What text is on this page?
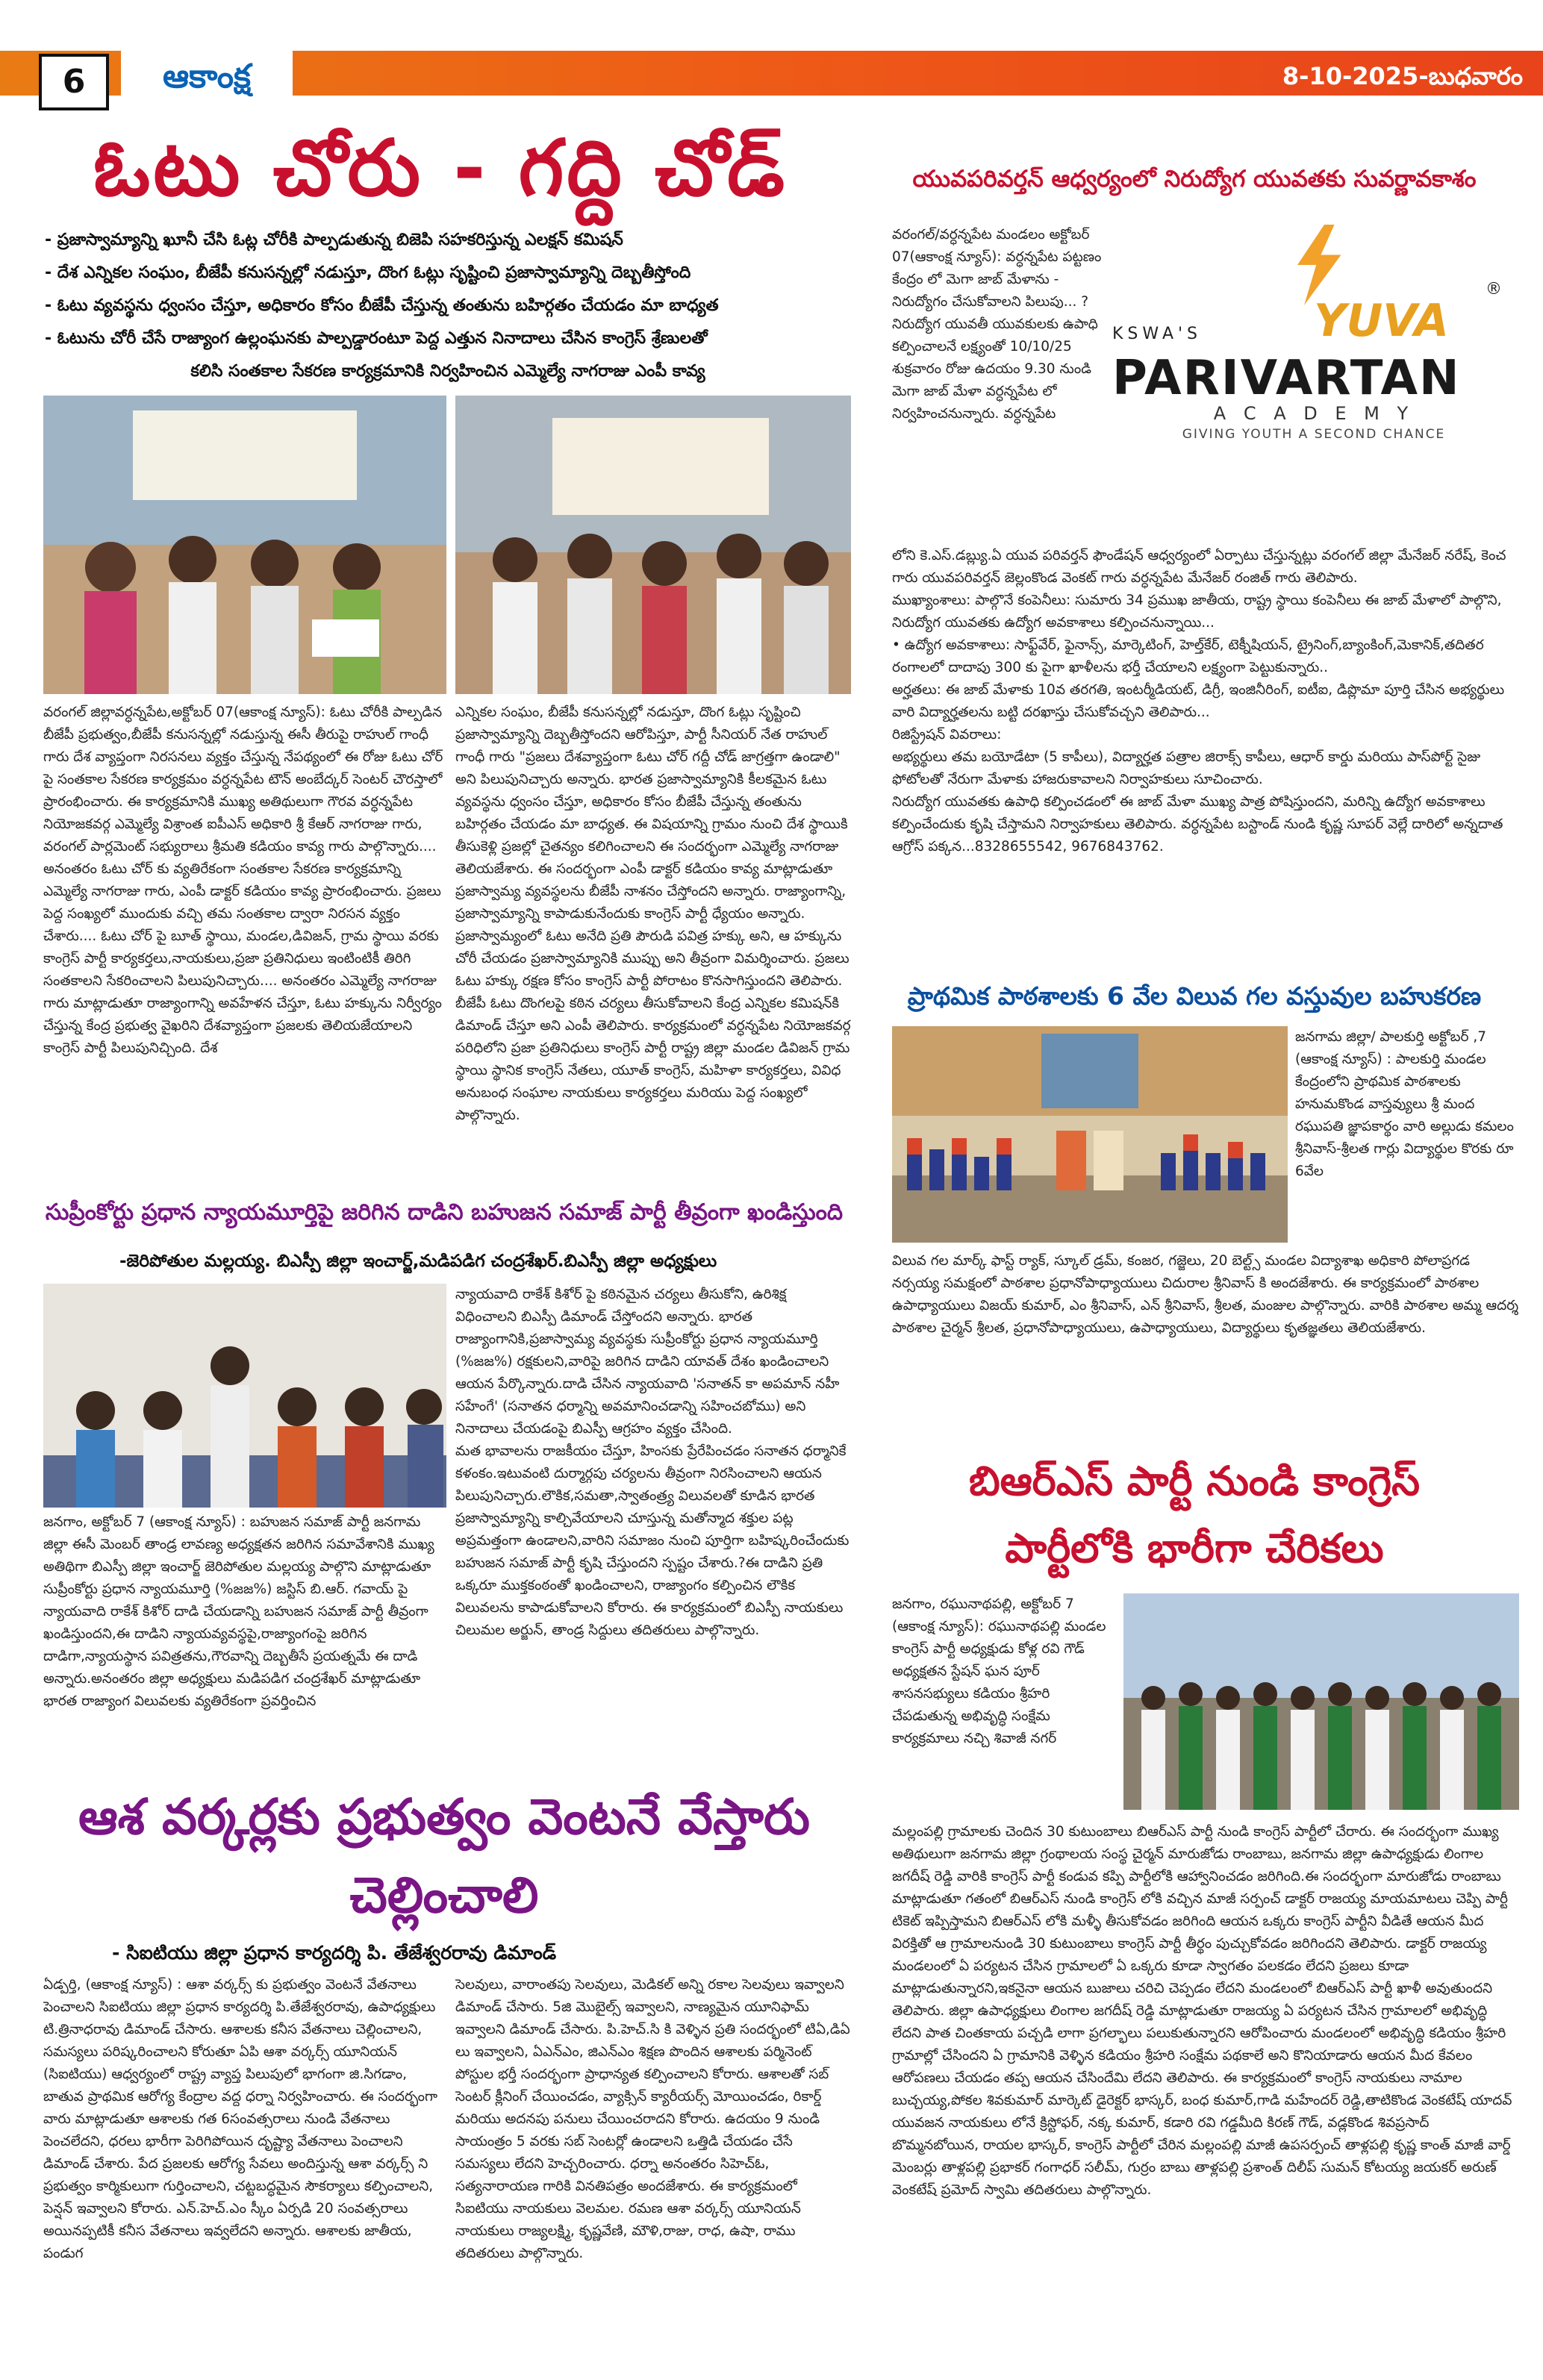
6	ఆకాంక్ష	8-10-2025-బుధవారం
ఓటు చోరు - గద్ది చోడ్
- ప్రజాస్వామ్యాన్ని ఖూనీ చేసి ఓట్ల చోరీకి పాల్పడుతున్న బిజెపి సహకరిస్తున్న ఎలక్షన్ కమిషన్
- దేశ ఎన్నికల సంఘం, బీజేపీ కనుసన్నల్లో నడుస్తూ, దొంగ ఓట్లు సృష్టించి ప్రజాస్వామ్యాన్ని దెబ్బతీస్తోంది
- ఓటు వ్యవస్థను ధ్వంసం చేస్తూ, అధికారం కోసం బీజేపీ చేస్తున్న తంతును బహిర్గతం చేయడం మా బాధ్యత
- ఓటును చోరీ చేసే రాజ్యాంగ ఉల్లంఘనకు పాల్పడ్డారంటూ పెద్ద ఎత్తున నినాదాలు చేసిన కాంగ్రెస్ శ్రేణులతో
కలిసి సంతకాల సేకరణ కార్యక్రమానికి నిర్వహించిన ఎమ్మెల్యే నాగరాజు ఎంపీ కావ్య
వరంగల్ జిల్లావర్ధన్నపేట,అక్టోబర్ 07(ఆకాంక్ష న్యూస్): ఓటు చోరీకి పాల్పడిన బీజేపీ ప్రభుత్వం,బీజేపీ కనుసన్నల్లో నడుస్తున్న ఈసీ తీరుపై రాహుల్ గాంధీ గారు దేశ వ్యాప్తంగా నిరసనలు వ్యక్తం చేస్తున్న నేపథ్యంలో ఈ రోజు ఓటు చోర్ పై సంతకాల సేకరణ కార్యక్రమం వర్ధన్నపేట టౌన్ అంబేద్కర్ సెంటర్ చౌరస్తాలో ప్రారంభించారు. ఈ కార్యక్రమానికి ముఖ్య అతిథులుగా గౌరవ వర్ధన్నపేట నియోజకవర్గ ఎమ్మెల్యే విశ్రాంత ఐపీఎస్ అధికారి శ్రీ కేఆర్ నాగరాజు గారు, వరంగల్ పార్లమెంట్ సభ్యురాలు శ్రీమతి కడియం కావ్య గారు పాల్గొన్నారు.... అనంతరం ఓటు చోర్ కు వ్యతిరేకంగా సంతకాల సేకరణ కార్యక్రమాన్ని ఎమ్మెల్యే నాగరాజు గారు, ఎంపీ డాక్టర్ కడియం కావ్య ప్రారంభించారు. ప్రజలు పెద్ద సంఖ్యలో ముందుకు వచ్చి తమ సంతకాల ద్వారా నిరసన వ్యక్తం చేశారు.... ఓటు చోర్ పై బూత్ స్థాయి, మండల,డివిజన్, గ్రామ స్థాయి వరకు కాంగ్రెస్ పార్టీ కార్యకర్తలు,నాయకులు,ప్రజా ప్రతినిధులు ఇంటింటికీ తిరిగి సంతకాలని సేకరించాలని పిలుపునిచ్చారు.... అనంతరం ఎమ్మెల్యే నాగరాజు గారు మాట్లాడుతూ రాజ్యాంగాన్ని అవహేళన చేస్తూ, ఓటు హక్కును నిర్వీర్యం చేస్తున్న కేంద్ర ప్రభుత్వ వైఖరిని దేశవ్యాప్తంగా ప్రజలకు తెలియజేయాలని కాంగ్రెస్ పార్టీ పిలుపునిచ్చింది. దేశ
ఎన్నికల సంఘం, బీజేపీ కనుసన్నల్లో నడుస్తూ, దొంగ ఓట్లు సృష్టించి ప్రజాస్వామ్యాన్ని దెబ్బతీస్తోందని ఆరోపిస్తూ, పార్టీ సీనియర్ నేత రాహుల్ గాంధీ గారు "ప్రజలు దేశవ్యాప్తంగా ఓటు చోర్ గద్దీ చోడ్ జాగ్రత్తగా ఉండాలి" అని పిలుపునిచ్చారు అన్నారు. భారత ప్రజాస్వామ్యానికి కీలకమైన ఓటు వ్యవస్థను ధ్వంసం చేస్తూ, అధికారం కోసం బీజేపీ చేస్తున్న తంతును బహిర్గతం చేయడం మా బాధ్యత. ఈ విషయాన్ని గ్రామం నుంచి దేశ స్థాయికి తీసుకెళ్లి ప్రజల్లో చైతన్యం కలిగించాలని ఈ సందర్భంగా ఎమ్మెల్యే నాగరాజు తెలియజేశారు. ఈ సందర్భంగా ఎంపీ డాక్టర్ కడియం కావ్య మాట్లాడుతూ ప్రజాస్వామ్య వ్యవస్థలను బీజేపీ నాశనం చేస్తోందని అన్నారు. రాజ్యాంగాన్ని, ప్రజాస్వామ్యాన్ని కాపాడుకునేందుకు కాంగ్రెస్ పార్టీ ధ్యేయం అన్నారు. ప్రజాస్వామ్యంలో ఓటు అనేది ప్రతి పౌరుడి పవిత్ర హక్కు అని, ఆ హక్కును చోరీ చేయడం ప్రజాస్వామ్యానికి ముప్పు అని తీవ్రంగా విమర్శించారు. ప్రజలు ఓటు హక్కు రక్షణ కోసం కాంగ్రెస్ పార్టీ పోరాటం కొనసాగిస్తుందని తెలిపారు. బీజేపీ ఓటు దొంగలపై కఠిన చర్యలు తీసుకోవాలని కేంద్ర ఎన్నికల కమిషన్‌కి డిమాండ్ చేస్తూ అని ఎంపీ తెలిపారు. కార్యక్రమంలో వర్ధన్నపేట నియోజకవర్గ పరిధిలోని ప్రజా ప్రతినిధులు కాంగ్రెస్ పార్టీ రాష్ట్ర జిల్లా మండల డివిజన్ గ్రామ స్థాయి స్థానిక కాంగ్రెస్ నేతలు, యూత్ కాంగ్రెస్, మహిళా కార్యకర్తలు, వివిధ అనుబంధ సంఘాల నాయకులు కార్యకర్తలు మరియు పెద్ద సంఖ్యలో పాల్గొన్నారు.
సుప్రీంకోర్టు ప్రధాన న్యాయమూర్తిపై జరిగిన దాడిని బహుజన సమాజ్ పార్టీ తీవ్రంగా ఖండిస్తుంది
-జెరిపోతుల మల్లయ్య. బిఎస్పీ జిల్లా ఇంచార్జ్,మడిపడిగ చంద్రశేఖర్.బిఎస్పీ జిల్లా అధ్యక్షులు
జనగాం, అక్టోబర్ 7 (ఆకాంక్ష న్యూస్) : బహుజన సమాజ్ పార్టీ జనగామ జిల్లా ఈసీ మెంబర్ తాండ్ర లావణ్య అధ్యక్షతన జరిగిన సమావేశానికి ముఖ్య అతిథిగా బిఎస్పీ జిల్లా ఇంచార్జ్ జెరిపోతుల మల్లయ్య పాల్గొని మాట్లాడుతూ సుప్రీంకోర్టు ప్రధాన న్యాయమూర్తి (%జజ%) జస్టిస్ బి.ఆర్. గవాయ్ పై న్యాయవాది రాకేశ్ కిశోర్ దాడి చేయడాన్ని బహుజన సమాజ్ పార్టీ తీవ్రంగా ఖండిస్తుందని,ఈ దాడిని న్యాయవ్యవస్థపై,రాజ్యాంగంపై జరిగిన దాడిగా,న్యాయస్థాన పవిత్రతను,గౌరవాన్ని దెబ్బతీసే ప్రయత్నమే ఈ దాడి అన్నారు.అనంతరం జిల్లా అధ్యక్షులు మడిపడిగ చంద్రశేఖర్ మాట్లాడుతూ భారత రాజ్యాంగ విలువలకు వ్యతిరేకంగా ప్రవర్తించిన
న్యాయవాది రాకేశ్ కిశోర్ పై కఠినమైన చర్యలు తీసుకోని, ఉరిశిక్ష విధించాలని బిఎస్పీ డిమాండ్ చేస్తోందని అన్నారు. భారత రాజ్యాంగానికి,ప్రజాస్వామ్య వ్యవస్థకు సుప్రీంకోర్టు ప్రధాన న్యాయమూర్తి (%జజ%) రక్షకులని,వారిపై జరిగిన దాడిని యావత్ దేశం ఖండించాలని ఆయన పేర్కొన్నారు.దాడి చేసిన న్యాయవాది 'సనాతన్ కా అపమాన్ నహీ సహేంగే' (సనాతన ధర్మాన్ని అవమానించడాన్ని సహించబోము) అని నినాదాలు చేయడంపై బిఎస్పీ ఆగ్రహం వ్యక్తం చేసింది.
మత భావాలను రాజకీయం చేస్తూ, హింసకు ప్రేరేపించడం సనాతన ధర్మానికే కళంకం.ఇటువంటి దుర్మార్గపు చర్యలను తీవ్రంగా నిరసించాలని ఆయన పిలుపునిచ్చారు.లౌకిక,సమతా,స్వాతంత్ర్య విలువలతో కూడిన భారత ప్రజాస్వామ్యాన్ని కాల్చివేయాలని చూస్తున్న మతోన్మాద శక్తుల పట్ల అప్రమత్తంగా ఉండాలని,వారిని సమాజం నుంచి పూర్తిగా బహిష్కరించేందుకు బహుజన సమాజ్ పార్టీ కృషి చేస్తుందని స్పష్టం చేశారు.?ఈ దాడిని ప్రతి ఒక్కరూ ముక్తకంఠంతో ఖండించాలని, రాజ్యాంగం కల్పించిన లౌకిక విలువలను కాపాడుకోవాలని కోరారు. ఈ కార్యక్రమంలో బిఎస్పీ నాయకులు చిలుమల అర్జున్, తాండ్ర సిద్దులు తదితరులు పాల్గొన్నారు.
ఆశ వర్కర్లకు ప్రభుత్వం వెంటనే వేస్తారు
చెల్లించాలి
- సిఐటియు జిల్లా ప్రధాన కార్యదర్శి పి. తేజేశ్వరరావు డిమాండ్
ఏడ్పర్తి, (ఆకాంక్ష న్యూస్) : ఆశా వర్కర్స్ కు ప్రభుత్వం వెంటనే వేతనాలు పెంచాలని సిఐటియు జిల్లా ప్రధాన కార్యదర్శి పి.తేజేశ్వరరావు, ఉపాధ్యక్షులు టి.త్రినాధరావు డిమాండ్ చేసారు. ఆశాలకు కనీస వేతనాలు చెల్లించాలని, సమస్యలు పరిష్కరించాలని కోరుతూ ఏపి ఆశా వర్కర్స్ యూనియన్ (సిఐటియు) ఆధ్వర్యంలో రాష్ట్ర వ్యాప్త పిలుపులో భాగంగా జి.సిగడాం, బాతువ ప్రాథమిక ఆరోగ్య కేంద్రాల వద్ద ధర్నా నిర్వహించారు. ఈ సందర్భంగా వారు మాట్లాడుతూ ఆశాలకు గత 6సంవత్సరాలు నుండి వేతనాలు పెంచలేదని, ధరలు భారీగా పెరిగిపోయిన దృష్ట్యా వేతనాలు పెంచాలని డిమాండ్ చేశారు. పేద ప్రజలకు ఆరోగ్య సేవలు అందిస్తున్న ఆశా వర్కర్స్ ని ప్రభుత్వం కార్మికులుగా గుర్తించాలని, చట్టబద్ధమైన సౌకర్యాలు కల్పించాలని, పెన్షన్ ఇవ్వాలని కోరారు. ఎన్.హెచ్.ఎం స్కీం ఏర్పడి 20 సంవత్సరాలు అయినప్పటికీ కనీస వేతనాలు ఇవ్వలేదని అన్నారు. ఆశాలకు జాతీయ, పండుగ
సెలవులు, వారాంతపు సెలవులు, మెడికల్ అన్ని రకాల సెలవులు ఇవ్వాలని డిమాండ్ చేసారు. 5జి మొబైల్స్ ఇవ్వాలని, నాణ్యమైన యూనిఫామ్ ఇవ్వాలని డిమాండ్ చేసారు. పి.హెచ్.సి కి వెళ్ళిన ప్రతి సందర్భంలో టిఏ,డిఏ లు ఇవ్వాలని, ఏఎన్ఎం, జిఎన్ఎం శిక్షణ పొందిన ఆశాలకు పర్మినెంట్ పోస్టుల భర్తీ సందర్భంగా ప్రాధాన్యత కల్పించాలని కోరారు. ఆశాలతో సబ్ సెంటర్ క్లీనింగ్ చేయించడం, వ్యాక్సిన్ క్యారీయర్స్ మోయించడం, రికార్డ్ మరియు అదనపు పనులు చేయించరాదని కోరారు. ఉదయం 9 నుండి సాయంత్రం 5 వరకు సబ్ సెంటర్లో ఉండాలని ఒత్తిడి చేయడం చేసే సమస్యలు లేదని హెచ్చరించారు. ధర్నా అనంతరం సిహెచ్ఓ, సత్యనారాయణ గారికి వినతిపత్రం అందజేశారు. ఈ కార్యక్రమంలో సిఐటియు నాయకులు వెలమల. రమణ ఆశా వర్కర్స్ యూనియన్ నాయకులు రాజ్యలక్ష్మి, కృష్ణవేణి, మౌళి,రాజు, రాధ, ఉషా, రాము తదితరులు పాల్గొన్నారు.
యువపరివర్తన్ ఆధ్వర్యంలో నిరుద్యోగ యువతకు సువర్ణావకాశం
వరంగల్/వర్ధన్నపేట మండలం అక్టోబర్ 07(ఆకాంక్ష న్యూస్): వర్ధన్నపేట పట్టణం కేంద్రం లో మెగా జాబ్ మేళాను - నిరుద్యోగం చేసుకోవాలని పిలుపు... ?నిరుద్యోగ యువతీ యువకులకు ఉపాధి కల్పించాలనే లక్ష్యంతో 10/10/25 శుక్రవారం రోజు ఉదయం 9.30 నుండి మెగా జాబ్ మేళా వర్ధన్నపేట లో నిర్వహించనున్నారు. వర్ధన్నపేట
KSWA'S	YUVA
®
PARIVARTAN
A C A D E M Y
GIVING YOUTH A SECOND CHANCE
లోని కె.ఎస్.డబ్ల్యు.ఏ యువ పరివర్తన్ ఫౌండేషన్ ఆధ్వర్యంలో ఏర్పాటు చేస్తున్నట్లు వరంగల్ జిల్లా మేనేజర్ నరేష్, కెంచ గారు యువపరివర్తన్ జెల్లంకొండ వెంకట్ గారు వర్ధన్నపేట మేనేజర్ రంజిత్ గారు తెలిపారు.
ముఖ్యాంశాలు: పాల్గొనే కంపెనీలు: సుమారు 34 ప్రముఖ జాతీయ, రాష్ట్ర స్థాయి కంపెనీలు ఈ జాబ్ మేళాలో పాల్గొని, నిరుద్యోగ యువతకు ఉద్యోగ అవకాశాలు కల్పించనున్నాయి...
• ఉద్యోగ అవకాశాలు: సాఫ్ట్‌వేర్, ఫైనాన్స్, మార్కెటింగ్, హెల్త్‌కేర్, టెక్నీషియన్, ట్రైనింగ్,బ్యాంకింగ్,మెకానిక్,తదితర రంగాలలో దాదాపు 300 కు పైగా ఖాళీలను భర్తీ చేయాలని లక్ష్యంగా పెట్టుకున్నారు..
అర్హతలు: ఈ జాబ్ మేళాకు 10వ తరగతి, ఇంటర్మీడియట్, డిగ్రీ, ఇంజినీరింగ్, ఐటీఐ, డిప్లొమా పూర్తి చేసిన అభ్యర్థులు వారి విద్యార్హతలను బట్టి దరఖాస్తు చేసుకోవచ్చని తెలిపారు...
రిజిస్ట్రేషన్ వివరాలు:
అభ్యర్థులు తమ బయోడేటా (5 కాపీలు), విద్యార్హత పత్రాల జిరాక్స్ కాపీలు, ఆధార్ కార్డు మరియు పాస్‌పోర్ట్ సైజు ఫోటోలతో నేరుగా మేళాకు హాజరుకావాలని నిర్వాహకులు సూచించారు.
నిరుద్యోగ యువతకు ఉపాధి కల్పించడంలో ఈ జాబ్ మేళా ముఖ్య పాత్ర పోషిస్తుందని, మరిన్ని ఉద్యోగ అవకాశాలు కల్పించేందుకు కృషి చేస్తామని నిర్వాహకులు తెలిపారు. వర్ధన్నపేట బస్టాండ్ నుండి కృష్ణ సూపర్ వెల్లే దారిలో అన్నదాత ఆగ్రోస్ పక్కన...8328655542, 9676843762.
ప్రాథమిక పాఠశాలకు 6 వేల విలువ గల వస్తువుల బహుకరణ
జనగామ జిల్లా/ పాలకుర్తి అక్టోబర్ ,7 (ఆకాంక్ష న్యూస్) : పాలకుర్తి మండల కేంద్రంలోని ప్రాథమిక పాఠశాలకు హనుమకొండ వాస్తవ్యులు శ్రీ మంద రఘుపతి జ్ఞాపకార్థం వారి అల్లుడు కమలం శ్రీనివాస్-శ్రీలత గార్లు విద్యార్థుల కొరకు రూ 6వేల
విలువ గల మార్క్ ఫాస్ట్ ర్యాక్, స్కూల్ డ్రమ్, కంజర, గజ్జెలు, 20 బెల్ట్స్ మండల విద్యాశాఖ అధికారి పోలాప్రగడ నర్సయ్య సమక్షంలో పాఠశాల ప్రధానోపాధ్యాయులు చిదురాల శ్రీనివాస్ కి అందజేశారు. ఈ కార్యక్రమంలో పాఠశాల ఉపాధ్యాయులు విజయ్ కుమార్, ఎం శ్రీనివాస్, ఎన్ శ్రీనివాస్, శ్రీలత, మంజుల పాల్గొన్నారు. వారికి పాఠశాల అమ్మ ఆదర్శ పాఠశాల చైర్మన్ శ్రీలత, ప్రధానోపాధ్యాయులు, ఉపాధ్యాయులు, విద్యార్థులు కృతజ్ఞతలు తెలియజేశారు.
బిఆర్ఎస్ పార్టీ నుండి కాంగ్రెస్
పార్టీలోకి భారీగా చేరికలు
జనగాం, రఘునాథపల్లి, అక్టోబర్ 7 (ఆకాంక్ష న్యూస్): రఘునాథపల్లి మండల కాంగ్రెస్ పార్టీ అధ్యక్షుడు కోళ్ల రవి గౌడ్ అధ్యక్షతన స్టేషన్ ఘన పూర్ శాసనసభ్యులు కడియం శ్రీహరి చేపడుతున్న అభివృద్ధి సంక్షేమ కార్యక్రమాలు నచ్చి శివాజీ నగర్
మల్లంపల్లి గ్రామాలకు చెందిన 30 కుటుంబాలు బిఆర్ఎస్ పార్టీ నుండి కాంగ్రెస్ పార్టీలో చేరారు. ఈ సందర్భంగా ముఖ్య అతిథులుగా జనగామ జిల్లా గ్రంథాలయ సంస్థ చైర్మన్ మారుజోడు రాంబాబు, జనగామ జిల్లా ఉపాధ్యక్షుడు లింగాల జగదీష్ రెడ్డి వారికి కాంగ్రెస్ పార్టీ కండువ కప్పి పార్టీలోకి ఆహ్వానించడం జరిగింది.ఈ సందర్భంగా మారుజోడు రాంబాబు మాట్లాడుతూ గతంలో బిఆర్ఎస్ నుండి కాంగ్రెస్ లోకి వచ్చిన మాజీ సర్పంచ్ డాక్టర్ రాజయ్య మాయమాటలు చెప్పి పార్టీ టికెట్ ఇప్పిస్తామని బిఆర్ఎస్ లోకి మళ్ళీ తీసుకోవడం జరిగింది ఆయన ఒక్కరు కాంగ్రెస్ పార్టీని వీడితే ఆయన మీద విరక్తితో ఆ గ్రామాలనుండి 30 కుటుంబాలు కాంగ్రెస్ పార్టీ తీర్థం పుచ్చుకోవడం జరిగిందని తెలిపారు. డాక్టర్ రాజయ్య మండలంలో ఏ పర్యటన చేసిన గ్రామాలలో ఏ ఒక్కరు కూడా స్వాగతం పలకడం లేదని ప్రజలు కూడా మాట్లాడుతున్నారని,ఇకనైనా ఆయన బుజాలు చరిచి చెప్పడం లేదని మండలంలో బిఆర్ఎస్ పార్టీ ఖాళీ అవుతుందని తెలిపారు. జిల్లా ఉపాధ్యక్షులు లింగాల జగదీష్ రెడ్డి మాట్లాడుతూ రాజయ్య ఏ పర్యటన చేసిన గ్రామాలలో అభివృద్ధి లేదని పాత చింతకాయ పచ్చడి లాగా ప్రగల్భాలు పలుకుతున్నారని ఆరోపించారు మండలంలో అభివృద్ధి కడియం శ్రీహరి గ్రామాల్లో చేసిందని ఏ గ్రామానికి వెళ్ళిన కడియం శ్రీహరి సంక్షేమ పథకాలే అని కొనియాడారు ఆయన మీద కేవలం ఆరోపణలు చేయడం తప్ప ఆయన చేసిందేమి లేదని తెలిపారు. ఈ కార్యక్రమంలో కాంగ్రెస్ నాయకులు నామాల బుచ్చయ్య,పోకల శివకుమార్ మార్కెట్ డైరెక్టర్ భాస్కర్, బంధ కుమార్,గాడి మహేందర్ రెడ్డి,తాటికొండ వెంకటేష్ యాదవ్ యువజన నాయకులు లోనే క్రిస్టోఫర్, నక్క కుమార్, కడారి రవి గడ్డమీది కిరణ్ గౌడ్, వడ్లకొండ శివప్రసాద్ బొమ్మనబోయిన, రాయల భాస్కర్, కాంగ్రెస్ పార్టీలో చేరిన మల్లంపల్లి మాజీ ఉపసర్పంచ్ తాళ్లపల్లి కృష్ణ కాంత్ మాజీ వార్డ్ మెంబర్లు తాళ్లపల్లి ప్రభాకర్ గంగాధర్ సలీమ్, గుర్రం బాబు తాళ్లపల్లి ప్రశాంత్ దిలీప్ సుమన్ కోటయ్య జయకర్ అరుణ్ వెంకటేష్ ప్రమోద్ స్వామి తదితరులు పాల్గొన్నారు.
